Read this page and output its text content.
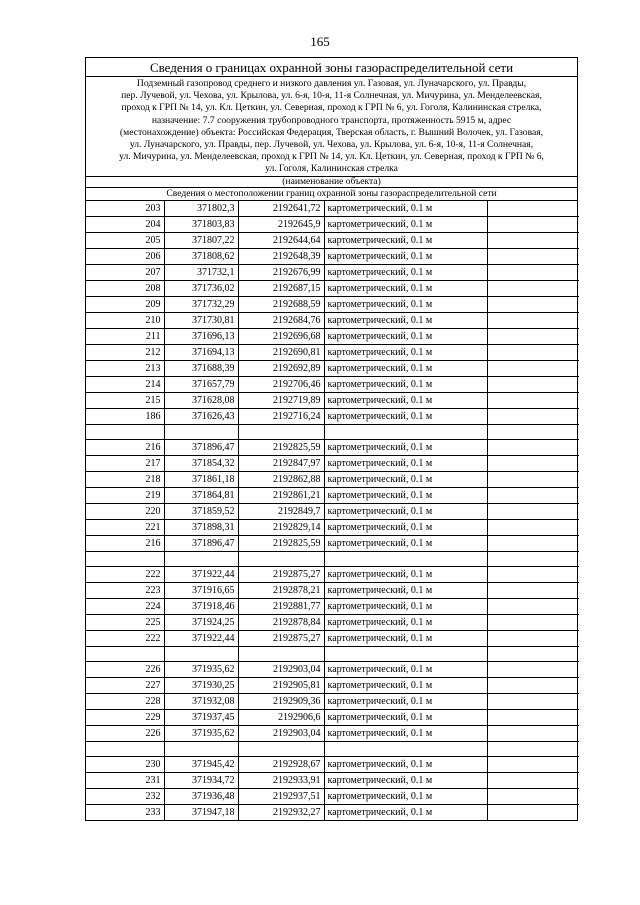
165
Сведения о границах охранной зоны газораспределительной сети
Подземный газопровод среднего и низкого давления ул. Газовая, ул. Луначарского, ул. Правды,
пер. Лучевой, ул. Чехова, ул. Крылова, ул. 6-я, 10-я, 11-я Солнечная, ул. Мичурина, ул. Менделеевская,
проход к ГРП № 14, ул. Кл. Цеткин, ул. Северная, проход к ГРП № 6, ул. Гоголя, Калининская стрелка,
назначение: 7.7 сооружения трубопроводного транспорта, протяженность 5915 м, адрес
(местонахождение) объекта: Российская Федерация, Тверская область, г. Вышний Волочек, ул. Газовая,
ул. Луначарского, ул. Правды, пер. Лучевой, ул. Чехова, ул. Крылова, ул. 6-я, 10-я, 11-я Солнечная,
ул. Мичурина, ул. Менделеевская, проход к ГРП № 14, ул. Кл. Цеткин, ул. Северная, проход к ГРП № 6,
ул. Гоголя, Калининская стрелка
(наименование объекта)
Сведения о местоположении границ охранной зоны газораспределительной сети
203	371802,3	2192641,72	картометрический, 0.1 м	
204	371803,83	2192645,9	картометрический, 0.1 м	
205	371807,22	2192644,64	картометрический, 0.1 м	
206	371808,62	2192648,39	картометрический, 0.1 м	
207	371732,1	2192676,99	картометрический, 0.1 м	
208	371736,02	2192687,15	картометрический, 0.1 м	
209	371732,29	2192688,59	картометрический, 0.1 м	
210	371730,81	2192684,76	картометрический, 0.1 м	
211	371696,13	2192696,68	картометрический, 0.1 м	
212	371694,13	2192690,81	картометрический, 0.1 м	
213	371688,39	2192692,89	картометрический, 0.1 м	
214	371657,79	2192706,46	картометрический, 0.1 м	
215	371628,08	2192719,89	картометрический, 0.1 м	
186	371626,43	2192716,24	картометрический, 0.1 м	

216	371896,47	2192825,59	картометрический, 0.1 м	
217	371854,32	2192847,97	картометрический, 0.1 м	
218	371861,18	2192862,88	картометрический, 0.1 м	
219	371864,81	2192861,21	картометрический, 0.1 м	
220	371859,52	2192849,7	картометрический, 0.1 м	
221	371898,31	2192829,14	картометрический, 0.1 м	
216	371896,47	2192825,59	картометрический, 0.1 м	

222	371922,44	2192875,27	картометрический, 0.1 м	
223	371916,65	2192878,21	картометрический, 0.1 м	
224	371918,46	2192881,77	картометрический, 0.1 м	
225	371924,25	2192878,84	картометрический, 0.1 м	
222	371922,44	2192875,27	картометрический, 0.1 м	

226	371935,62	2192903,04	картометрический, 0.1 м	
227	371930,25	2192905,81	картометрический, 0.1 м	
228	371932,08	2192909,36	картометрический, 0.1 м	
229	371937,45	2192906,6	картометрический, 0.1 м	
226	371935,62	2192903,04	картометрический, 0.1 м	

230	371945,42	2192928,67	картометрический, 0.1 м	
231	371934,72	2192933,91	картометрический, 0.1 м	
232	371936,48	2192937,51	картометрический, 0.1 м	
233	371947,18	2192932,27	картометрический, 0.1 м	
